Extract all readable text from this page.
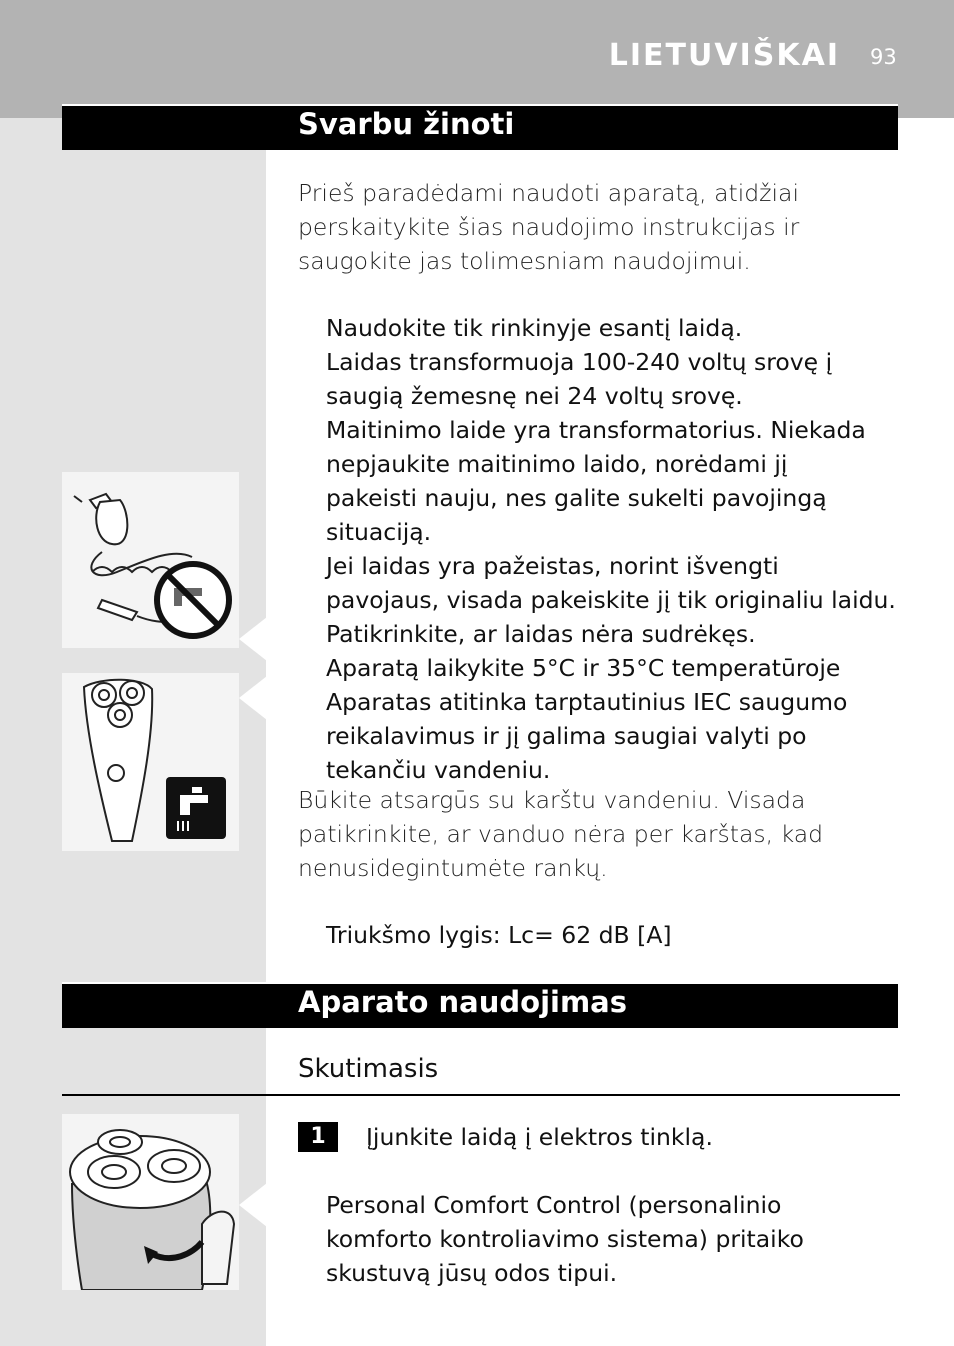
LIETUVIŠKAI 93
Svarbu žinoti

Prieš paradėdami naudoti aparatą, atidžiai

perskaitykite šias naudojimo instrukcijas ir

saugokite jas tolimesniam naudojimui.

Naudokite tik rinkinyje esantį laidą.

Laidas transformuoja 100-240 voltų srovę į

saugią žemesnę nei 24 voltų srovę.

Maitinimo laide yra transformatorius. Niekada

nepjaukite maitinimo laido, norėdami jį

pakeisti nauju, nes galite sukelti pavojingą

situaciją.

Jei laidas yra pažeistas, norint išvengti

pavojaus, visada pakeiskite jį tik originaliu laidu.

Patikrinkite, ar laidas nėra sudrėkęs.

Aparatą laikykite 5°C ir 35°C temperatūroje

Aparatas atitinka tarptautinius IEC saugumo

reikalavimus ir jį galima saugiai valyti po

tekančiu vandeniu.

Būkite atsargūs su karštu vandeniu. Visada

patikrinkite, ar vanduo nėra per karštas, kad

nenusidegintumėte rankų.

Triukšmo lygis: Lc= 62 dB [A]
Aparato naudojimas
Skutimasis
1	Įjunkite laidą į elektros tinklą.

Personal Comfort Control (personalinio

komforto kontroliavimo sistema) pritaiko

skustuvą jūsų odos tipui.
